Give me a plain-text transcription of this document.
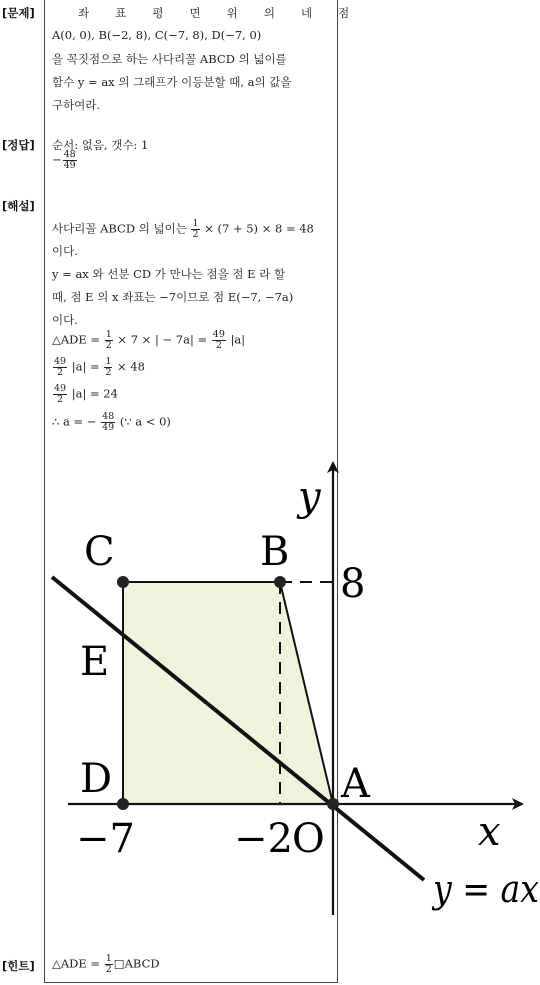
[문제]
[정답]
[해설]
[힌트]
좌 표 평 면 위 의 네 점
A(0, 0), B(−2, 8), C(−7, 8), D(−7, 0)
을 꼭짓점으로 하는 사다리꼴 ABCD 의 넓이를
함수 y = ax 의 그래프가 이등분할 때, a의 값을
구하여라.
순서: 없음, 갯수: 1
− $\frac{48}{49}$
사다리꼴 ABCD 의 넓이는 $\frac{1}{2} \times (7 + 5) \times 8 = 48$
이다.
y = ax 와 선분 CD 가 만나는 점을 점 E 라 할
때, 점 E 의 x 좌표는 −7이므로 점 E(−7, −7a)
이다.
△ADE = $\frac{1}{2} \times 7$ × | − $7a| = \frac{49}{2} |a|$
$\frac{49}{2} |a| = \frac{1}{2} \times 48$
$\frac{49}{2} |a| = 24$
∴ a = − $\frac{48}{49}$ (∵ a < 0)
C	B
E
D	A
O
8
−7 −2	x
y
y = ax
△ADE = $\frac{1}{2}$ □ABCD
